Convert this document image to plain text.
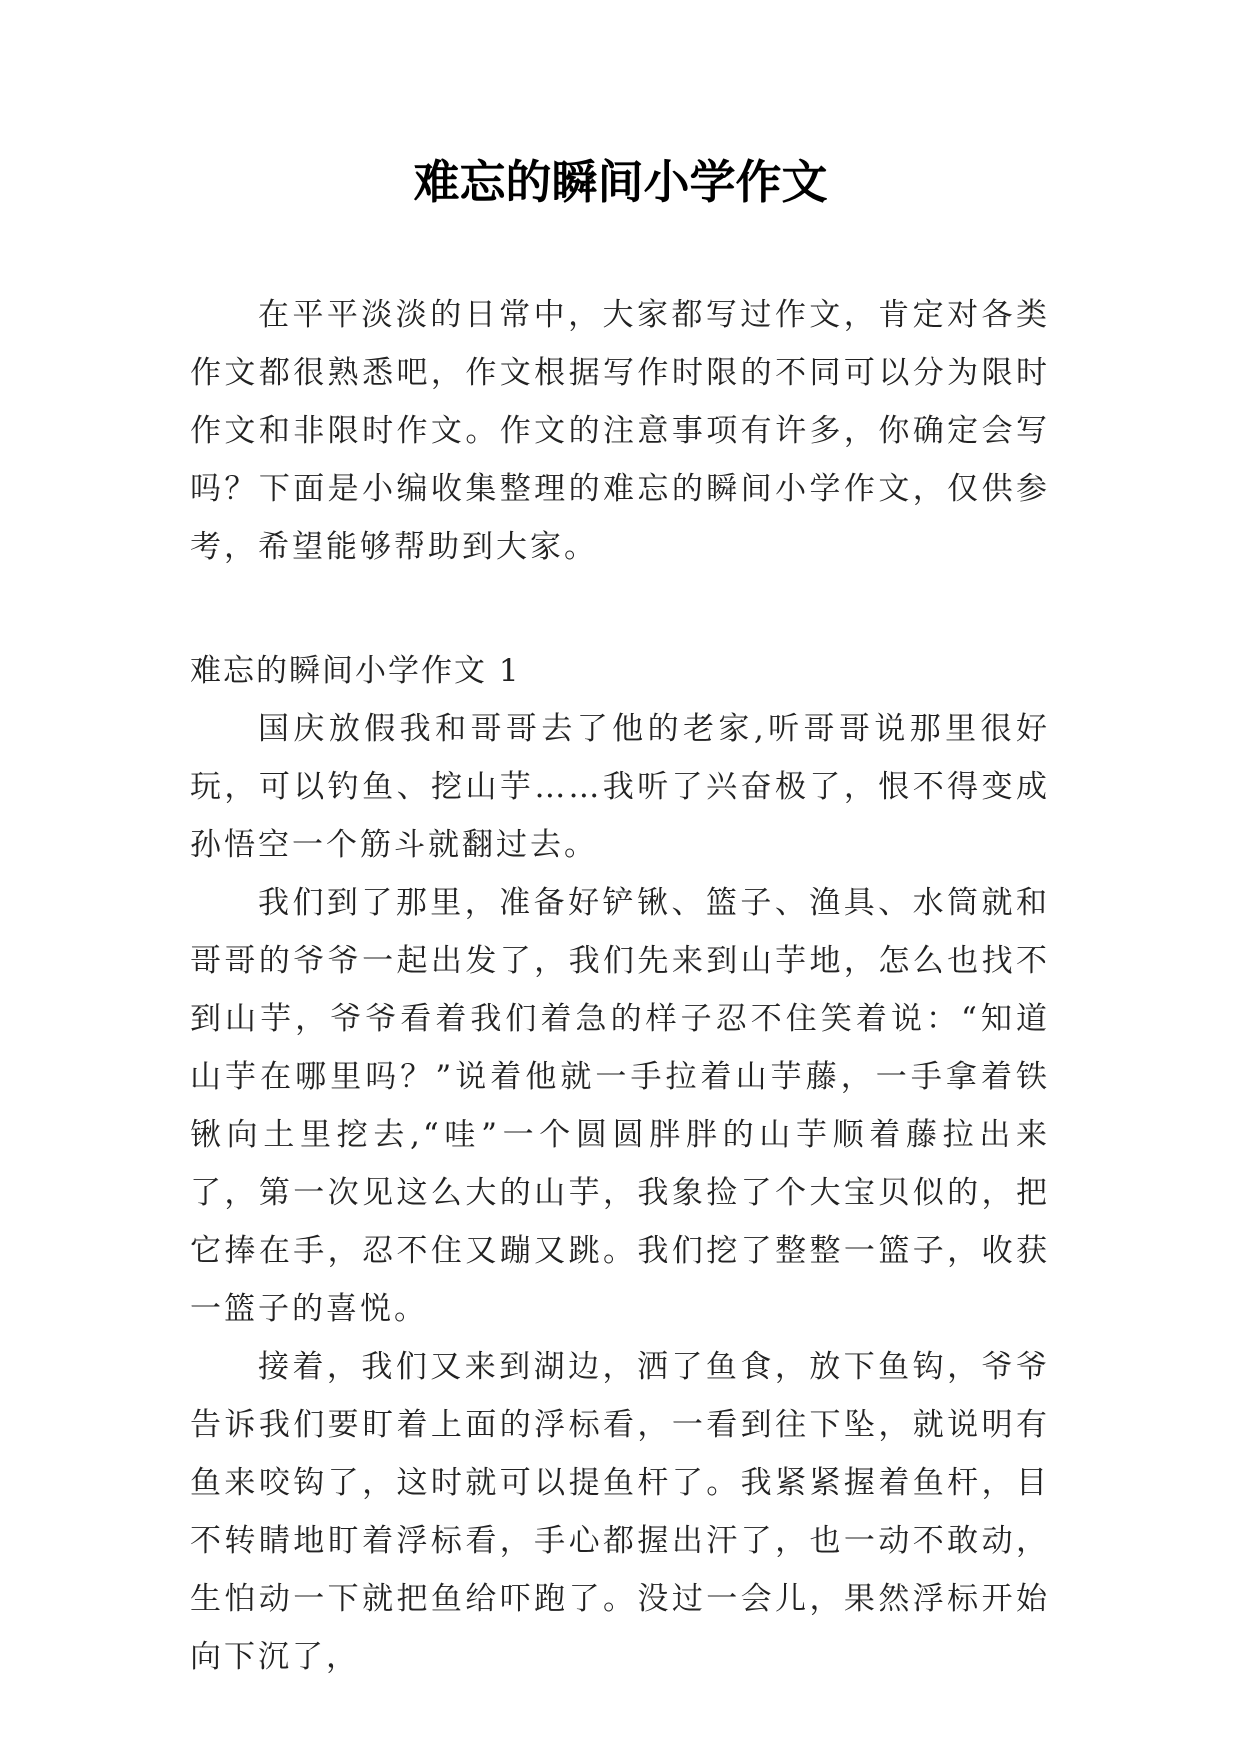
难忘的瞬间小学作文

在平平淡淡的日常中，大家都写过作文，肯定对各类作文都很熟悉吧，作文根据写作时限的不同可以分为限时作文和非限时作文。作文的注意事项有许多，你确定会写吗？下面是小编收集整理的难忘的瞬间小学作文，仅供参考，希望能够帮助到大家。

难忘的瞬间小学作文 1

国庆放假我和哥哥去了他的老家,听哥哥说那里很好玩，可以钓鱼、挖山芋……我听了兴奋极了，恨不得变成孙悟空一个筋斗就翻过去。

我们到了那里，准备好铲锹、篮子、渔具、水筒就和哥哥的爷爷一起出发了，我们先来到山芋地，怎么也找不到山芋，爷爷看着我们着急的样子忍不住笑着说：“知道山芋在哪里吗？”说着他就一手拉着山芋藤，一手拿着铁锹向土里挖去,“哇”一个圆圆胖胖的山芋顺着藤拉出来了，第一次见这么大的山芋，我象捡了个大宝贝似的，把它捧在手，忍不住又蹦又跳。我们挖了整整一篮子，收获一篮子的喜悦。

接着，我们又来到湖边，洒了鱼食，放下鱼钩，爷爷告诉我们要盯着上面的浮标看，一看到往下坠，就说明有鱼来咬钩了，这时就可以提鱼杆了。我紧紧握着鱼杆，目不转睛地盯着浮标看，手心都握出汗了，也一动不敢动，生怕动一下就把鱼给吓跑了。没过一会儿，果然浮标开始向下沉了，
